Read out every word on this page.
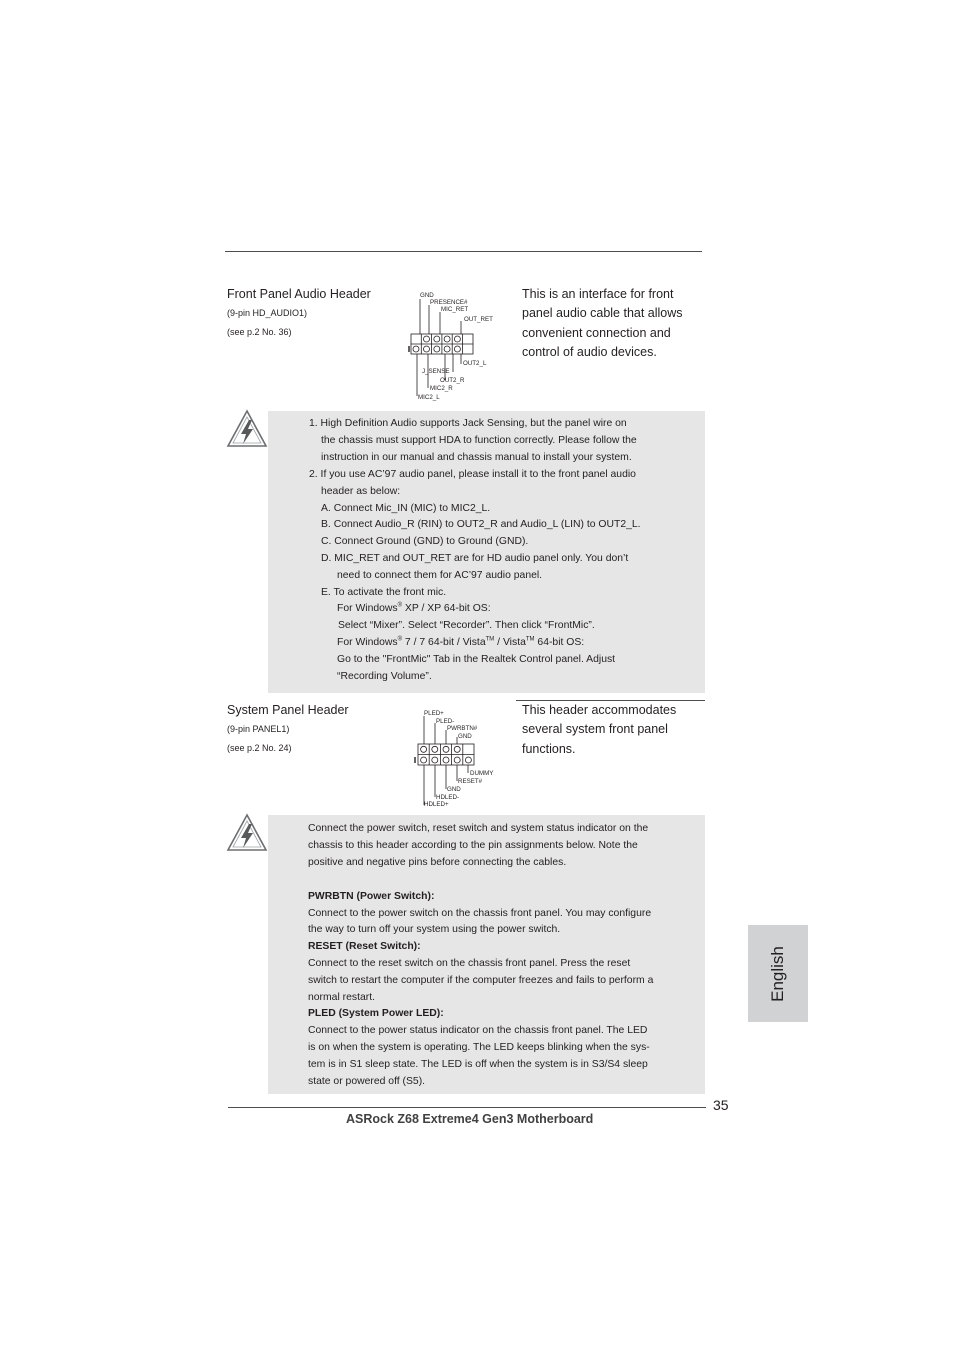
Front Panel Audio Header
(9-pin HD_AUDIO1)
(see p.2 No. 36)
GND
PRESENCE#
MIC_RET
OUT_RET
OUT2_L
J_SENSE
OUT2_R
MIC2_R
MIC2_L
This is an interface for front
panel audio cable that allows
convenient connection and
control of audio devices.
1. High Definition Audio supports Jack Sensing, but the panel wire on
the chassis must support HDA to function correctly. Please follow the
instruction in our manual and chassis manual to install your system.
2. If you use AC’97 audio panel, please install it to the front panel audio
header as below:
A. Connect Mic_IN (MIC) to MIC2_L.
B. Connect Audio_R (RIN) to OUT2_R and Audio_L (LIN) to OUT2_L.
C. Connect Ground (GND) to Ground (GND).
D. MIC_RET and OUT_RET are for HD audio panel only. You don’t
need to connect them for AC’97 audio panel.
E. To activate the front mic.
For Windows® XP / XP 64-bit OS:
Select “Mixer”. Select “Recorder”. Then click “FrontMic”.
For Windows® 7 / 7 64-bit / Vista™ / Vista™ 64-bit OS:
Go to the "FrontMic" Tab in the Realtek Control panel. Adjust
“Recording Volume”.
System Panel Header
(9-pin PANEL1)
(see p.2 No. 24)
PLED+
PLED-
PWRBTN#
GND
DUMMY
RESET#
GND
HDLED-
HDLED+
This header accommodates
several system front panel
functions.
Connect the power switch, reset switch and system status indicator on the
chassis to this header according to the pin assignments below. Note the
positive and negative pins before connecting the cables.
PWRBTN (Power Switch):
Connect to the power switch on the chassis front panel. You may configure
the way to turn off your system using the power switch.
RESET (Reset Switch):
Connect to the reset switch on the chassis front panel. Press the reset
switch to restart the computer if the computer freezes and fails to perform a
normal restart.
PLED (System Power LED):
Connect to the power status indicator on the chassis front panel. The LED
is on when the system is operating. The LED keeps blinking when the sys-
tem is in S1 sleep state. The LED is off when the system is in S3/S4 sleep
state or powered off (S5).
English
35
ASRock Z68 Extreme4 Gen3 Motherboard
